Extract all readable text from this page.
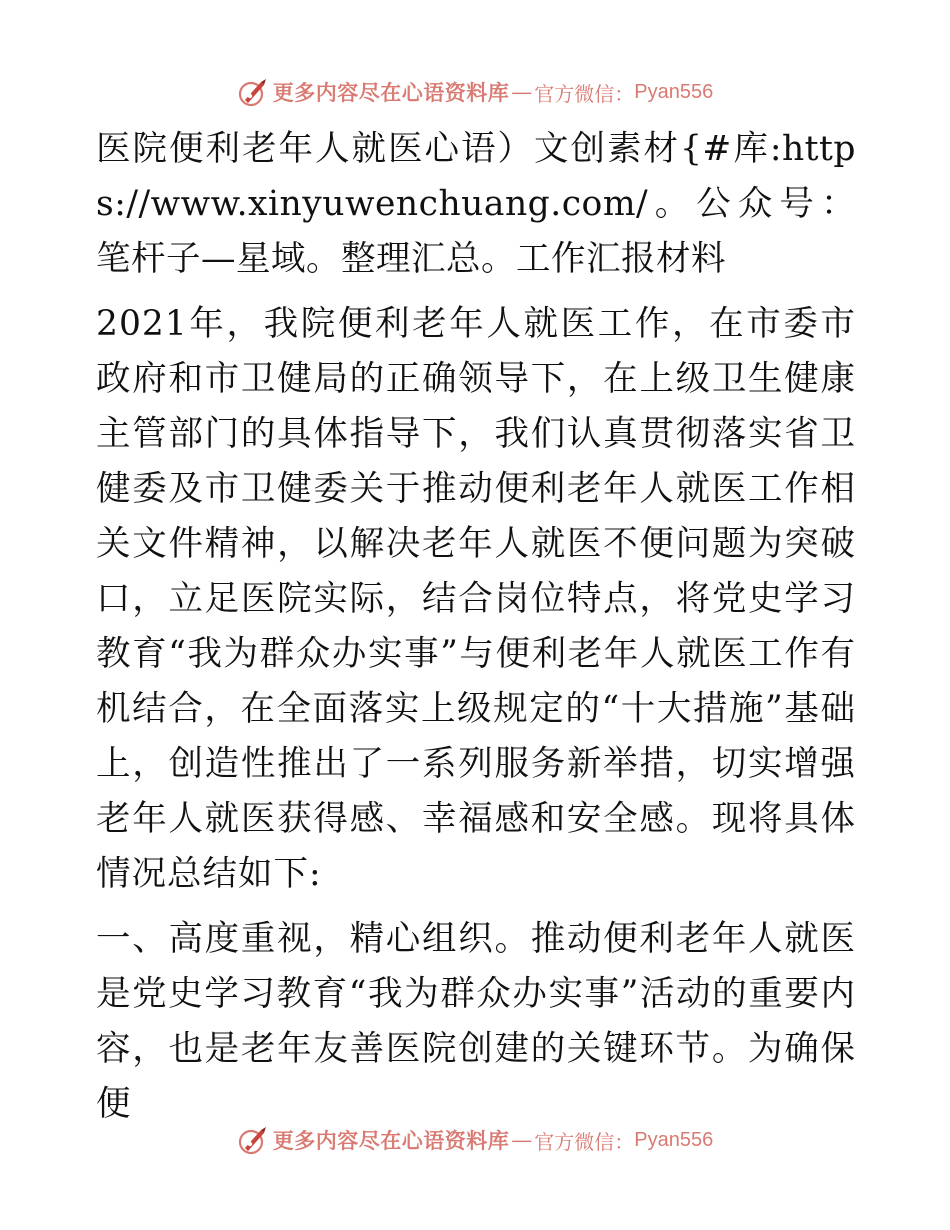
更多内容尽在心语资料库 — 官方微信： Pyan556

医院便利老年人就医心语）文创素材{#库:https://www.xinyuwenchuang.com/。公众号：笔杆子—星域。整理汇总。工作汇报材料

2021年，我院便利老年人就医工作，在市委市政府和市卫健局的正确领导下，在上级卫生健康主管部门的具体指导下，我们认真贯彻落实省卫健委及市卫健委关于推动便利老年人就医工作相关文件精神，以解决老年人就医不便问题为突破口，立足医院实际，结合岗位特点，将党史学习教育“我为群众办实事”与便利老年人就医工作有机结合，在全面落实上级规定的“十大措施”基础上，创造性推出了一系列服务新举措，切实增强老年人就医获得感、幸福感和安全感。现将具体情况总结如下:

一、高度重视，精心组织。推动便利老年人就医是党史学习教育“我为群众办实事”活动的重要内容，也是老年友善医院创建的关键环节。为确保便

更多内容尽在心语资料库 — 官方微信： Pyan556
